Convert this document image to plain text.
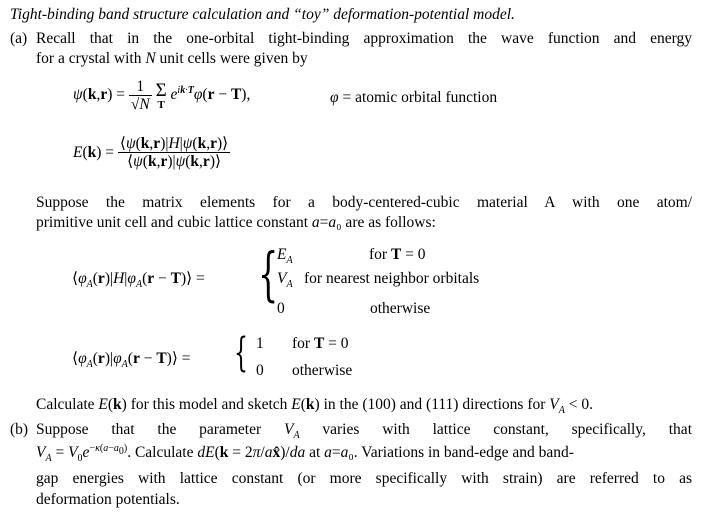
Tight-binding band structure calculation and “toy” deformation-potential model.
(a) Recall that in the one-orbital tight-binding approximation the wave function and energy
for a crystal with N unit cells were given by
$\psi(k,r) = \frac{1}{√N}$
Σ
T
$e^{ik\cdot T}\varphi(r - T)$,	φ = atomic orbital function
$E(k) = \frac{⟨\psi(k,r)|H|\psi(k,r)⟩}{⟨\psi(k,r)|\psi(k,r)⟩}$
Suppose the matrix elements for a body-centered-cubic material A with one atom/
primitive unit cell and cubic lattice constant a=a₀ are as follows:
$⟨\varphi_A(r)|H|\varphi_A(r$ − T)⟩ = {
$E_A$	for T = 0
$V_A$ for nearest neighbor orbitals
0	otherwise
$⟨\varphi_A(r)|\varphi_A(r$ − T)⟩ = { 1 for T = 0
0 otherwise
Calculate E(k) for this model and sketch E(k) in the (100) and (111) directions for $V_A < 0$.
(b) Suppose that the parameter $V_A$ varies with lattice constant, specifically, that
$V_A = V_0e^{-\kappa(a-a_0)}$. Calculate dE(k = 2π/ax̂)/da at a=a₀. Variations in band-edge and band-
gap energies with lattice constant (or more specifically with strain) are referred to as
deformation potentials.
